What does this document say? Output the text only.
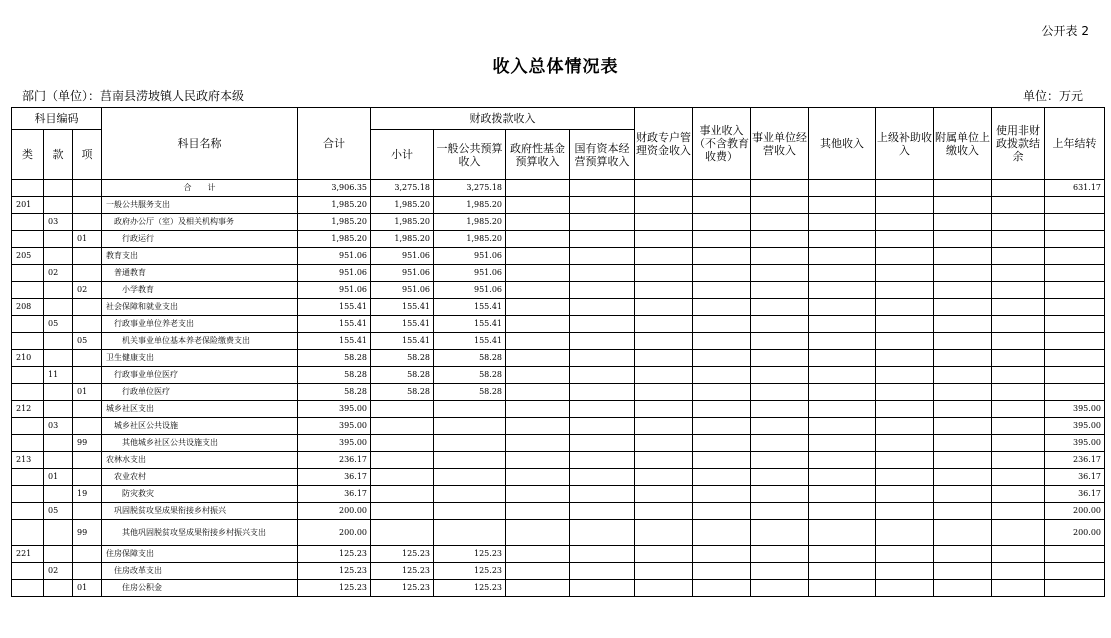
公开表 2
收入总体情况表
部门（单位）：莒南县涝坡镇人民政府本级	单位：万元
科目编码			科目名称	合计	财政拨款收入				财政专户管理资金收入	事业收入（不含教育收费）	事业单位经营收入	其他收入	上级补助收入	附属单位上缴收入	使用非财政拨款结余	上年结转
类	款	项			小计	一般公共预算收入	政府性基金预算收入	国有资本经营预算收入								
			合　　计	3,906.35	3,275.18	3,275.18										631.17
201			一般公共服务支出	1,985.20	1,985.20	1,985.20										
	03		政府办公厅（室）及相关机构事务	1,985.20	1,985.20	1,985.20										
		01	行政运行	1,985.20	1,985.20	1,985.20										
205			教育支出	951.06	951.06	951.06										
	02		普通教育	951.06	951.06	951.06										
		02	小学教育	951.06	951.06	951.06										
208			社会保障和就业支出	155.41	155.41	155.41										
	05		行政事业单位养老支出	155.41	155.41	155.41										
		05	机关事业单位基本养老保险缴费支出	155.41	155.41	155.41										
210			卫生健康支出	58.28	58.28	58.28										
	11		行政事业单位医疗	58.28	58.28	58.28										
		01	行政单位医疗	58.28	58.28	58.28										
212			城乡社区支出	395.00												395.00
	03		城乡社区公共设施	395.00												395.00
		99	其他城乡社区公共设施支出	395.00												395.00
213			农林水支出	236.17												236.17
	01		农业农村	36.17												36.17
		19	防灾救灾	36.17												36.17
	05		巩固脱贫攻坚成果衔接乡村振兴	200.00												200.00
		99	其他巩固脱贫攻坚成果衔接乡村振兴支出	200.00												200.00
221			住房保障支出	125.23	125.23	125.23										
	02		住房改革支出	125.23	125.23	125.23										
		01	住房公积金	125.23	125.23	125.23										
